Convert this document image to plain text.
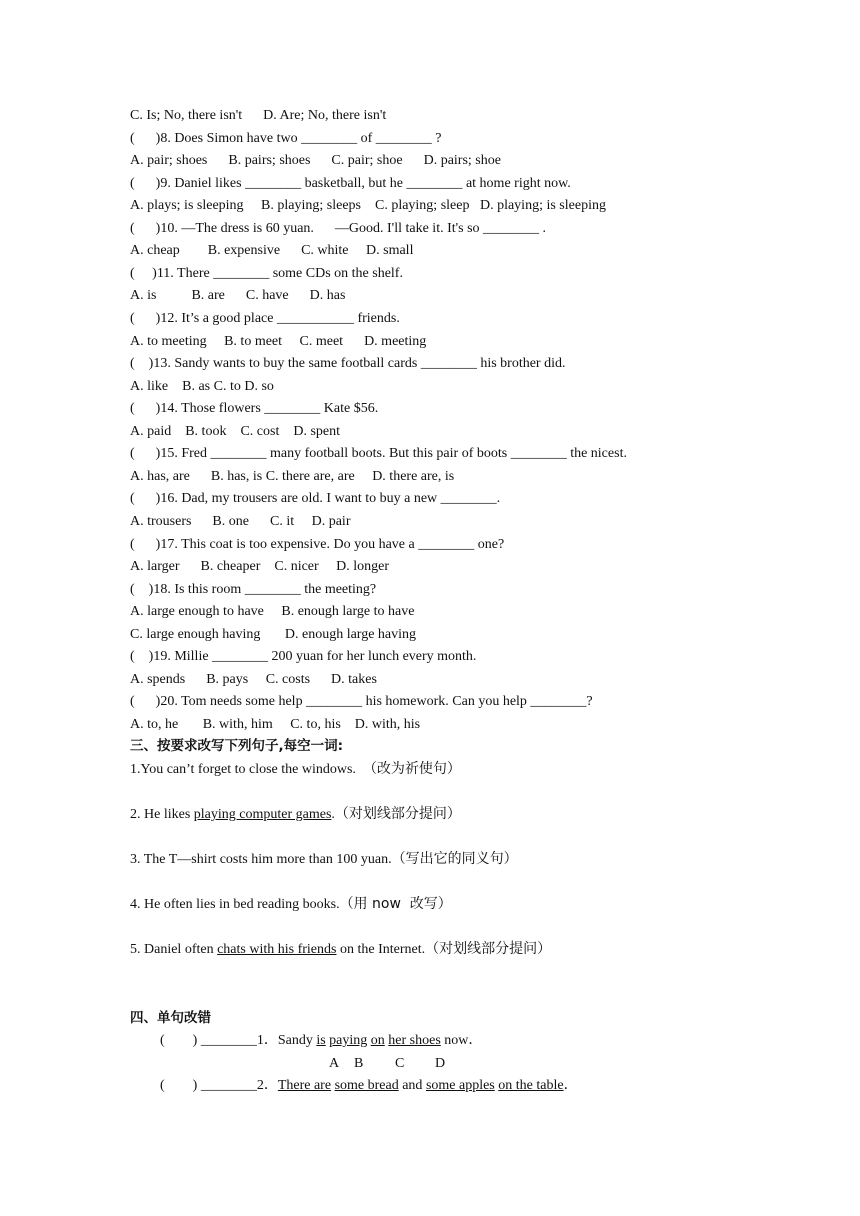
C. Is; No, there isn't      D. Are; No, there isn't
(      )8. Does Simon have two ________ of ________ ?
A. pair; shoes      B. pairs; shoes      C. pair; shoe      D. pairs; shoe
(      )9. Daniel likes ________ basketball, but he ________ at home right now.
A. plays; is sleeping     B. playing; sleeps    C. playing; sleep   D. playing; is sleeping
(      )10. —The dress is 60 yuan.      —Good. I'll take it. It's so ________ .
A. cheap        B. expensive      C. white     D. small
(     )11. There ________ some CDs on the shelf.
A. is          B. are      C. have      D. has
(      )12. It’s a good place ___________ friends.
A. to meeting     B. to meet     C. meet      D. meeting
(    )13. Sandy wants to buy the same football cards ________ his brother did.
A. like    B. as C. to D. so
(      )14. Those flowers ________ Kate $56.
A. paid    B. took    C. cost    D. spent
(      )15. Fred ________ many football boots. But this pair of boots ________ the nicest.
A. has, are      B. has, is C. there are, are     D. there are, is
(      )16. Dad, my trousers are old. I want to buy a new ________.
A. trousers      B. one      C. it     D. pair
(      )17. This coat is too expensive. Do you have a ________ one?
A. larger      B. cheaper    C. nicer     D. longer
(    )18. Is this room ________ the meeting?
A. large enough to have     B. enough large to have
C. large enough having       D. enough large having
(    )19. Millie ________ 200 yuan for her lunch every month.
A. spends      B. pays     C. costs      D. takes
(      )20. Tom needs some help ________ his homework. Can you help ________?
A. to, he       B. with, him     C. to, his    D. with, his
三、按要求改写下列句子,每空一词:
1.You can’t forget to close the windows.  （改为祈使句）
2. He likes playing computer games.（对划线部分提问）
3. The T—shirt costs him more than 100 yuan.（写出它的同义句）
4. He often lies in bed reading books.（用 now  改写）
5. Daniel often chats with his friends on the Internet.（对划线部分提问）
四、单句改错
(        ) ________1．Sandy is paying on her shoes now．
A B C D
(        ) ________2．There are some bread and some apples on the table．
